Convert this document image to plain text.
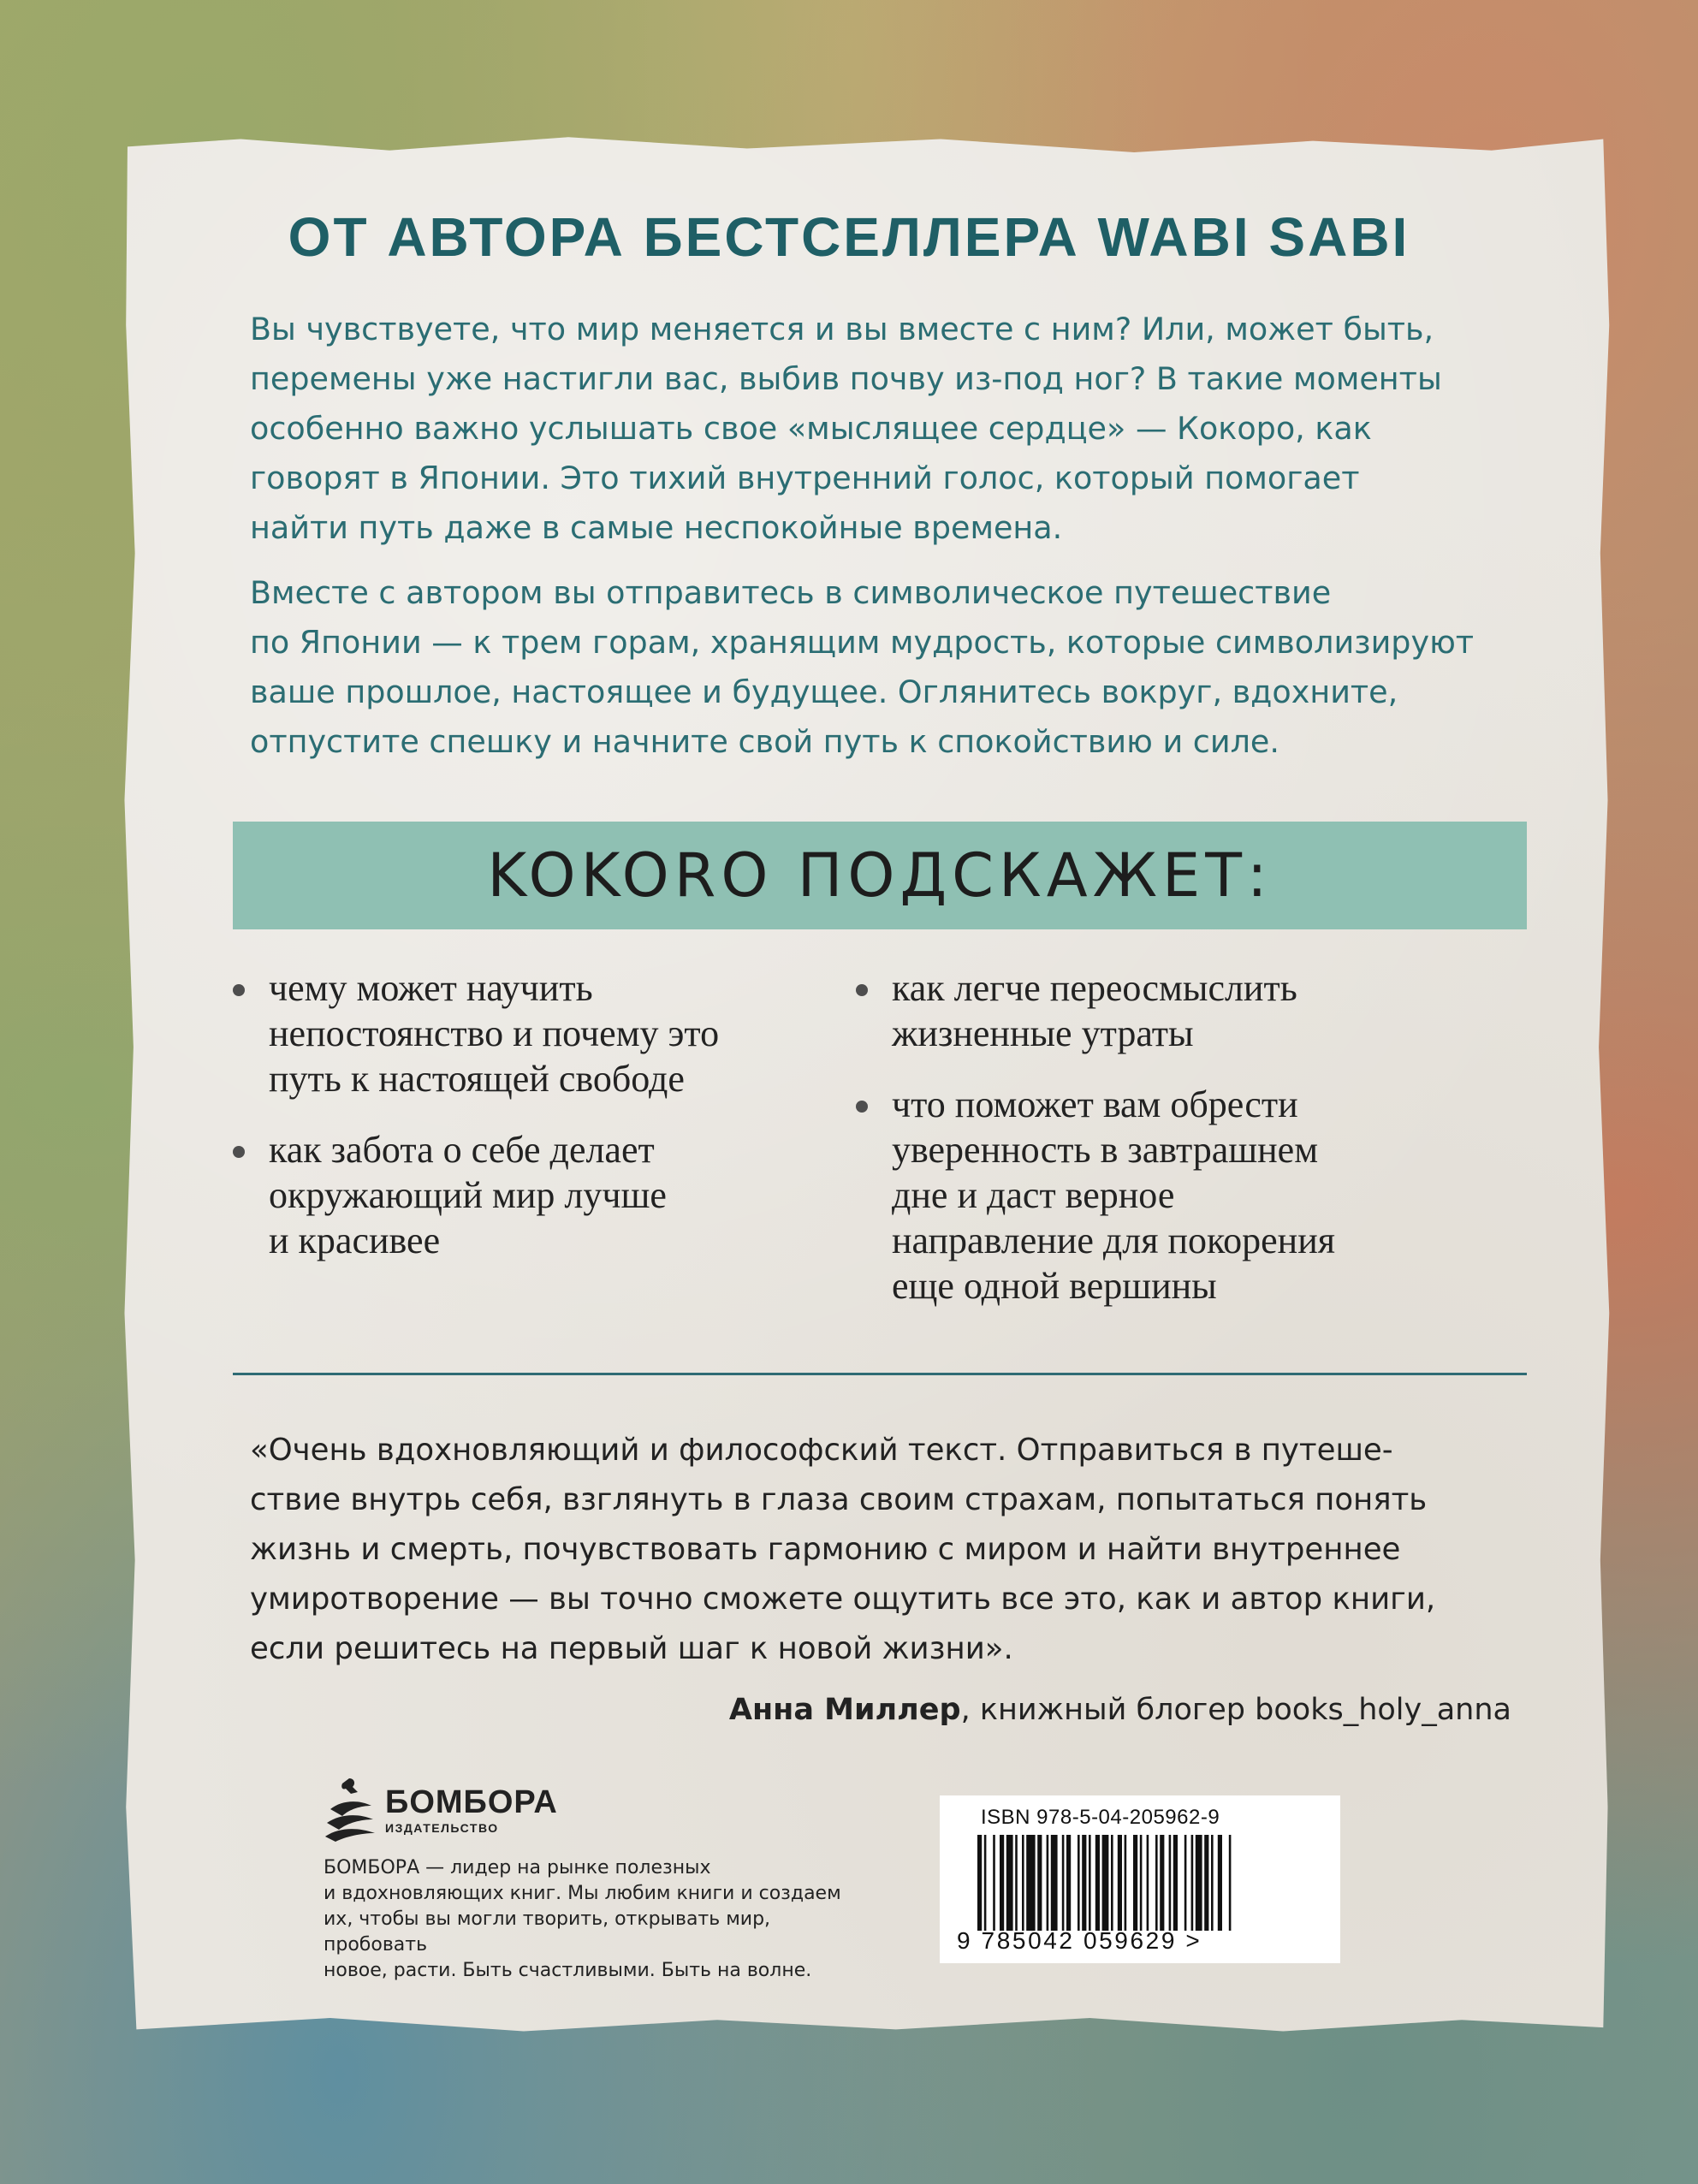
ОТ АВТОРА БЕСТСЕЛЛЕРА WABI SABI
Вы чувствуете, что мир меняется и вы вместе с ним? Или, может быть,
перемены уже настигли вас, выбив почву из-под ног? В такие моменты
особенно важно услышать свое «мыслящее сердце» — Кокоро, как
говорят в Японии. Это тихий внутренний голос, который помогает
найти путь даже в самые неспокойные времена.
Вместе с автором вы отправитесь в символическое путешествие
по Японии — к трем горам, хранящим мудрость, которые символизируют
ваше прошлое, настоящее и будущее. Оглянитесь вокруг, вдохните,
отпустите спешку и начните свой путь к спокойствию и силе.
KOKORO ПОДСКАЖЕТ:
чему может научить
непостоянство и почему это
путь к настоящей свободе
как забота о себе делает
окружающий мир лучше
и красивее
как легче переосмыслить
жизненные утраты
что поможет вам обрести
уверенность в завтрашнем
дне и даст верное
направление для покорения
еще одной вершины
«Очень вдохновляющий и философский текст. Отправиться в путеше-
ствие внутрь себя, взглянуть в глаза своим страхам, попытаться понять
жизнь и смерть, почувствовать гармонию с миром и найти внутреннее
умиротворение — вы точно сможете ощутить все это, как и автор книги,
если решитесь на первый шаг к новой жизни».
Анна Миллер, книжный блогер books_holy_anna
БОМБОРА
ИЗДАТЕЛЬСТВО
БОМБОРА — лидер на рынке полезных
и вдохновляющих книг. Мы любим книги и создаем
их, чтобы вы могли творить, открывать мир, пробовать
новое, расти. Быть счастливыми. Быть на волне.
ISBN 978-5-04-205962-9
9 785042 059629 >
